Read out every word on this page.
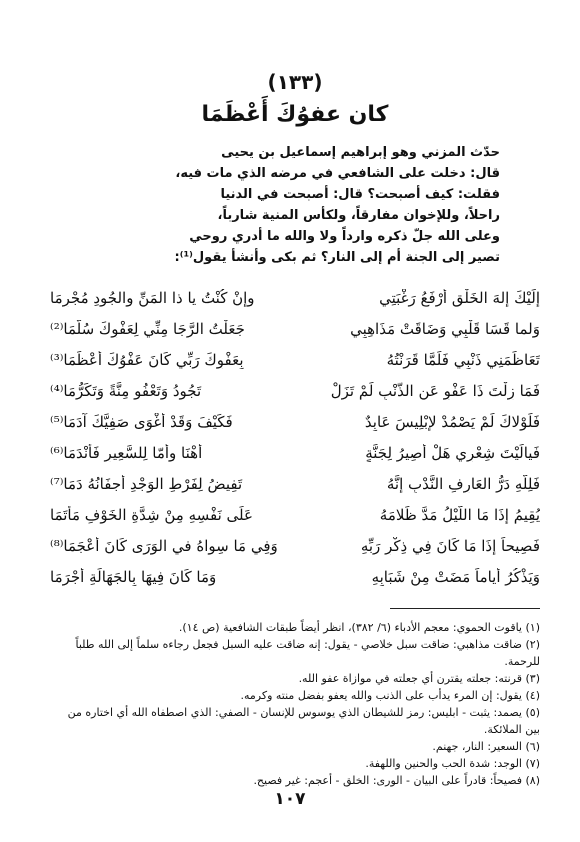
(١٣٣)
كان عفوُكَ أَعْظَمَا
حدّث المزني وهو إبراهيم إسماعيل بن يحيى
قال: دخلت على الشافعي في مرضه الذي مات فيه،
فقلت: كيف أصبحت؟ قال: أصبحت في الدنيا
راحلاً، وللإخوان مفارقاً، ولكأس المنية شارباً،
وعلى الله جلّ ذكره وارداً ولا والله ما أدري روحي
تصير إلى الجنة أم إلى النار؟ ثم بكى وأنشأ يقول⁽¹⁾:
إِلَيْكَ إِلهَ الخَلْقِ أَرْفَعُ رَغْبَتِي
وإنْ كُنْتُ يا ذا المَنِّ والجُودِ مُجْرِمَا
وَلما قَسَا قَلْبِي وَضَاقَتْ مَذَاهِبِي
جَعَلْتُ الرَّجَا مِنِّي لِعَفْوِكَ سُلَّمَا⁽²⁾
تَعَاظَمَنِي ذَنْبِي فَلَمَّا قَرَنْتُهُ
بِعَفْوِكَ رَبِّي كَانَ عَفْوُكَ أَعْظَمَا⁽³⁾
فَمَا زِلْتَ ذَا عَفْوٍ عَنِ الذَّنْبِ لَمْ تَزَلْ
تَجُودُ وَتَعْفُو مِنَّةً وَتَكَرُّمَا⁽⁴⁾
فَلَوْلاكَ لَمْ يَصْمُدْ لإبْلِيسَ عَابِدٌ
فَكَيْفَ وَقَدْ أَغْوَى صَفِيَّكَ آدَمَا⁽⁵⁾
فَيالَيْتَ شِعْرِي هَلْ أَصِيرُ لِجَنَّةٍ
أَهْنَا وأمّا لِلسَّعِيرِ فَأَنْدَمَا⁽⁶⁾
فَلِلَّهِ دَرُّ العَارِفِ النَّدْبِ إِنَّهُ
تَفِيضُ لِفَرْطِ الوَجْدِ أَجفَانُهُ دَمَا⁽⁷⁾
يُقِيمُ إذَا مَا اللَّيْلُ مَدَّ ظَلامَهُ
عَلَى نَفْسِهِ مِنْ شِدَّةِ الخَوْفِ مَأْتَمَا
فَصِيحاً إذَا مَا كَانَ فِي ذِكْرِ رَبِّهِ
وَفِي مَا سِواهُ في الوَرَى كَانَ أَعْجَمَا⁽⁸⁾
وَيَذْكُرُ أَياماً مَضَتْ مِنْ شَبَابِهِ
وَمَا كَانَ فِيهَا بِالجَهَالَةِ أَجْرَمَا
(١) ياقوت الحموي: معجم الأدباء (٦/ ٣٨٢)، انظر أيضاً طبقات الشافعية (ص ١٤).
(٢) ضاقت مذاهبي: ضاقت سبل خلاصي - يقول: إنه ضاقت عليه السبل فجعل رجاءه سلماً إلى الله طلباً
للرحمة.
(٣) قرنته: جعلته يقترن أي جعلته في موازاة عفو الله.
(٤) يقول: إن المرء يدأب على الذنب والله يعفو بفضل منته وكرمه.
(٥) يصمد: يثبت - ابليس: رمز للشيطان الذي يوسوس للإنسان - الصفي: الذي اصطفاه الله أي اختاره من
بين الملائكة.
(٦) السعير: النار، جهنم.
(٧) الوجد: شدة الحب والحنين واللهفة.
(٨) فصيحاً: قادراً على البيان - الورى: الخلق - أعجم: غير فصيح.
١٠٧
